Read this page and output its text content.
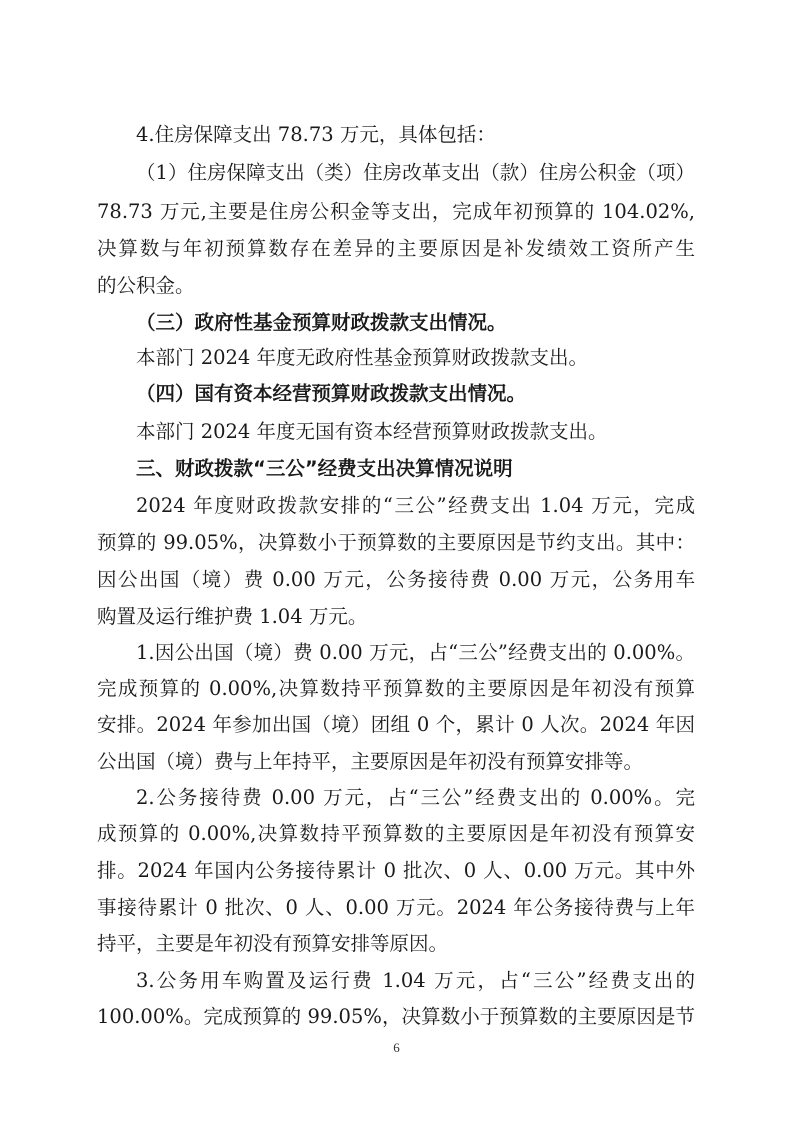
4.住房保障支出 78.73 万元，具体包括：
（1）住房保障支出（类）住房改革支出（款）住房公积金（项）
78.73 万元,主要是住房公积金等支出，完成年初预算的 104.02%,
决算数与年初预算数存在差异的主要原因是补发绩效工资所产生
的公积金。
（三）政府性基金预算财政拨款支出情况。
本部门 2024 年度无政府性基金预算财政拨款支出。
（四）国有资本经营预算财政拨款支出情况。
本部门 2024 年度无国有资本经营预算财政拨款支出。
三、财政拨款“三公”经费支出决算情况说明
2024 年度财政拨款安排的“三公”经费支出 1.04 万元，完成
预算的 99.05%，决算数小于预算数的主要原因是节约支出。其中：
因公出国（境）费 0.00 万元，公务接待费 0.00 万元，公务用车
购置及运行维护费 1.04 万元。
1.因公出国（境）费 0.00 万元，占“三公”经费支出的 0.00%。
完成预算的 0.00%,决算数持平预算数的主要原因是年初没有预算
安排。2024 年参加出国（境）团组 0 个，累计 0 人次。2024 年因
公出国（境）费与上年持平，主要原因是年初没有预算安排等。
2.公务接待费 0.00 万元，占“三公”经费支出的 0.00%。完
成预算的 0.00%,决算数持平预算数的主要原因是年初没有预算安
排。2024 年国内公务接待累计 0 批次、0 人、0.00 万元。其中外
事接待累计 0 批次、0 人、0.00 万元。2024 年公务接待费与上年
持平，主要是年初没有预算安排等原因。
3.公务用车购置及运行费 1.04 万元，占“三公”经费支出的
100.00%。完成预算的 99.05%，决算数小于预算数的主要原因是节
6
